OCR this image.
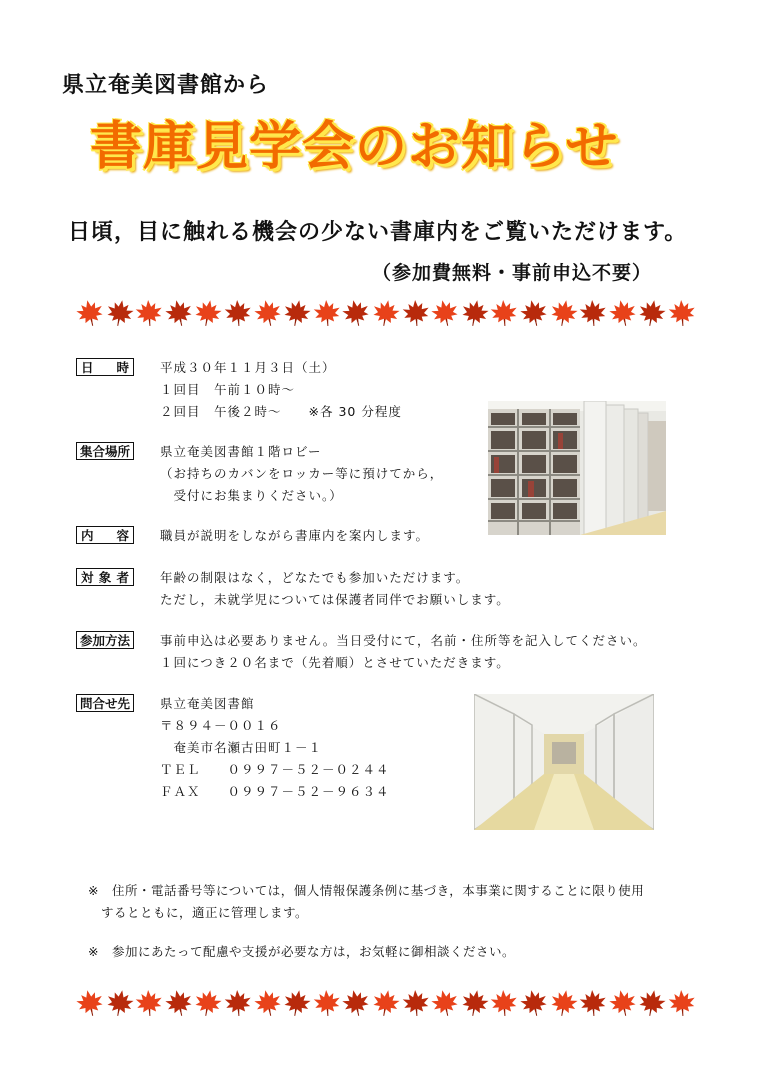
県立奄美図書館から
書庫見学会のお知らせ
日頃，目に触れる機会の少ない書庫内をご覧いただけます。
（参加費無料・事前申込不要）
日時	平成３０年１１月３日（土）
１回目　午前１０時～
２回目　午後２時～　　※各 30 分程度
集合場所	県立奄美図書館１階ロビー
（お持ちのカバンをロッカー等に預けてから，
　受付にお集まりください。）
内容	職員が説明をしながら書庫内を案内します。
対象者	年齢の制限はなく，どなたでも参加いただけます。
ただし，未就学児については保護者同伴でお願いします。
参加方法	事前申込は必要ありません。当日受付にて，名前・住所等を記入してください。
１回につき２０名まで（先着順）とさせていただきます。
問合せ先	県立奄美図書館
〒８９４－００１６
　奄美市名瀬古田町１－１
ＴＥＬ　　０９９７－５２－０２４４
ＦＡＸ　　０９９７－５２－９６３４
※　住所・電話番号等については，個人情報保護条例に基づき，本事業に関することに限り使用
　するとともに，適正に管理します。
※　参加にあたって配慮や支援が必要な方は，お気軽に御相談ください。
